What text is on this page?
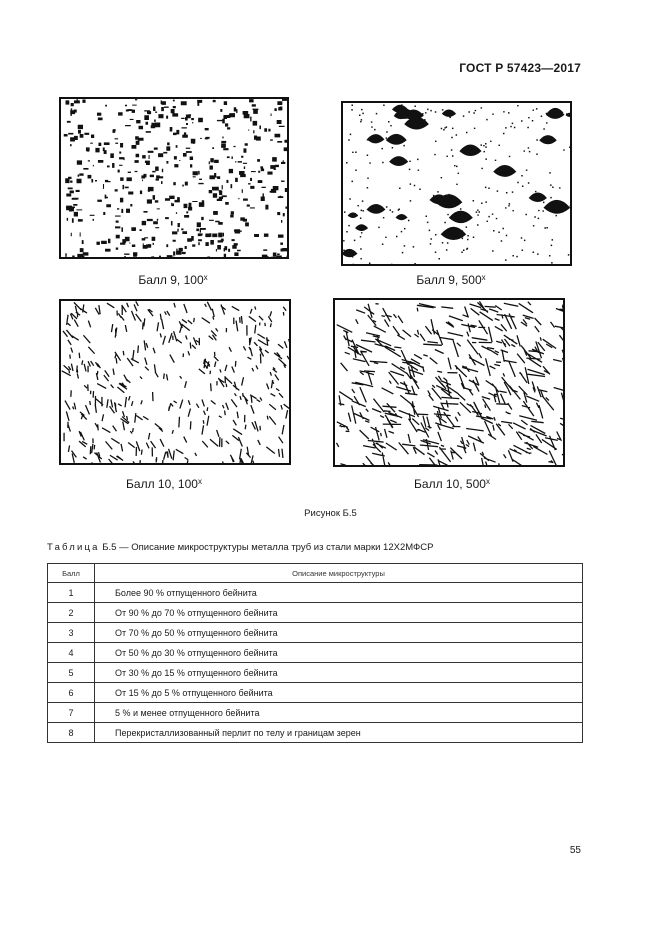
ГОСТ Р 57423—2017
Балл 9, 100$^x$	Балл 9, 500$^x$
Балл 10, 100$^x$	Балл 10, 500$^x$
Рисунок Б.5
Таблица Б.5 — Описание микроструктуры металла труб из стали марки 12Х2МФСР
Балл	Описание микроструктуры
1	Более 90 % отпущенного бейнита
2	От 90 % до 70 % отпущенного бейнита
3	От 70 % до 50 % отпущенного бейнита
4	От 50 % до 30 % отпущенного бейнита
5	От 30 % до 15 % отпущенного бейнита
6	От 15 % до 5 % отпущенного бейнита
7	5 % и менее отпущенного бейнита
8	Перекристаллизованный перлит по телу и границам зерен
55
